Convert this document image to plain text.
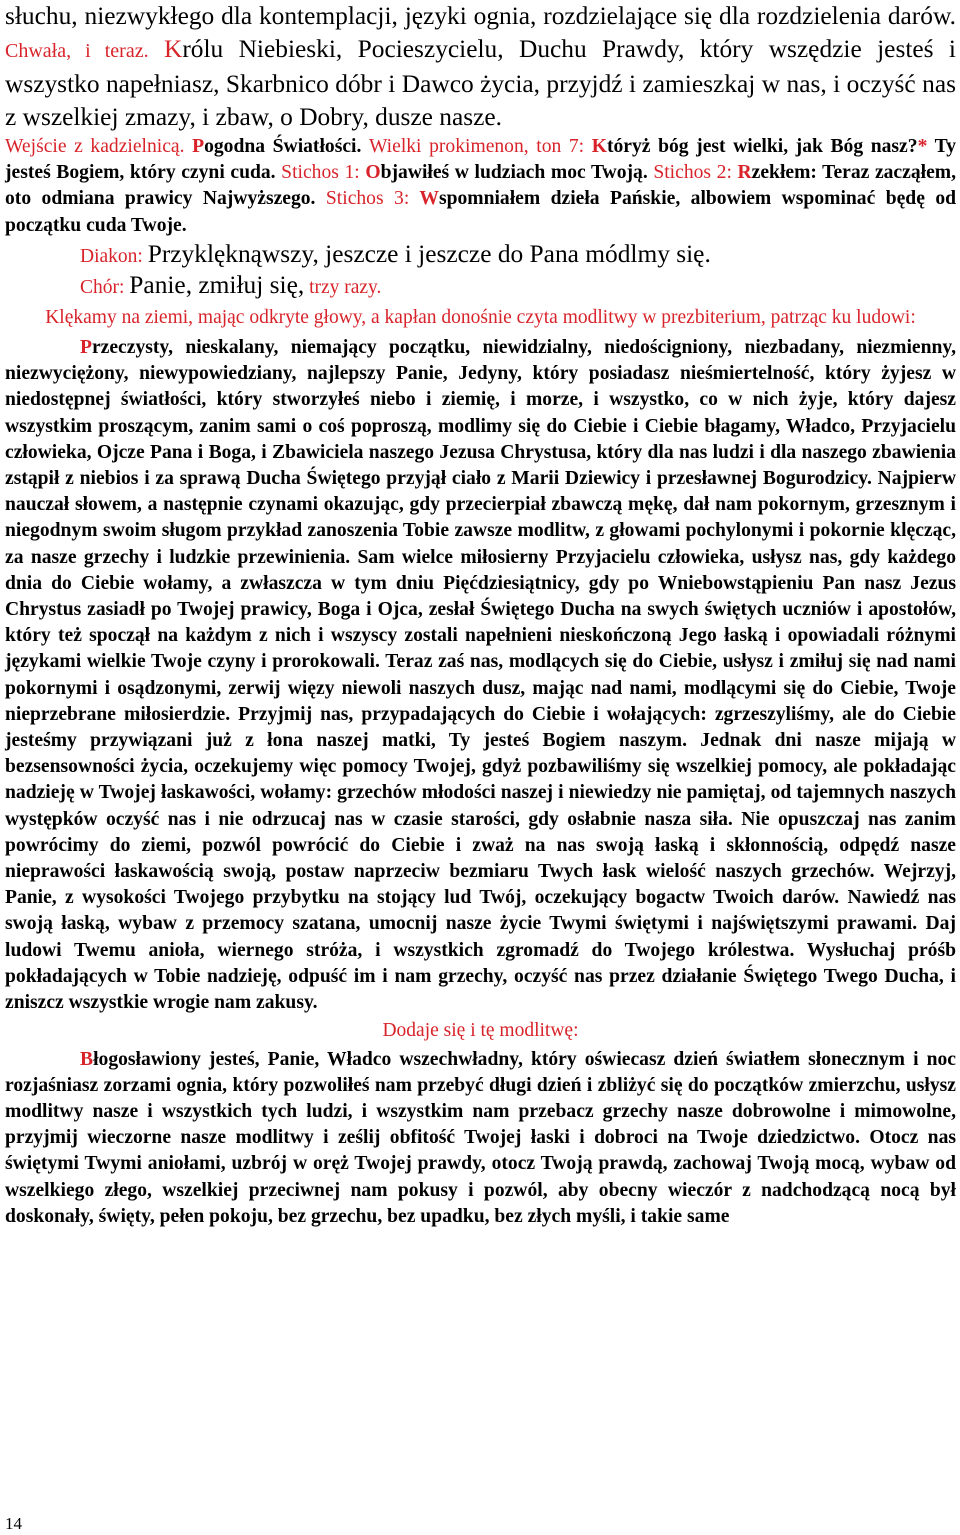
słuchu, niezwykłego dla kontemplacji, języki ognia, rozdzielające się dla rozdzielenia darów. Chwała, i teraz. Królu Niebieski, Pocieszycielu, Duchu Prawdy, który wszędzie jesteś i wszystko napełniasz, Skarbnico dóbr i Dawco życia, przyjdź i zamieszkaj w nas, i oczyść nas z wszelkiej zmazy, i zbaw, o Dobry, dusze nasze.

Wejście z kadzielnicą. Pogodna Światłości. Wielki prokimenon, ton 7: Któryż bóg jest wielki, jak Bóg nasz?* Ty jesteś Bogiem, który czyni cuda. Stichos 1: Objawiłeś w ludziach moc Twoją. Stichos 2: Rzekłem: Teraz zacząłem, oto odmiana prawicy Najwyższego. Stichos 3: Wspomniałem dzieła Pańskie, albowiem wspominać będę od początku cuda Twoje.

Diakon: Przyklęknąwszy, jeszcze i jeszcze do Pana módlmy się.

Chór: Panie, zmiłuj się, trzy razy.

Klękamy na ziemi, mając odkryte głowy, a kapłan donośnie czyta modlitwy w prezbiterium, patrząc ku ludowi:

Przeczysty, nieskalany, niemający początku, niewidzialny, niedościgniony, niezbadany, niezmienny, niezwyciężony, niewypowiedziany, najlepszy Panie, Jedyny, który posiadasz nieśmiertelność, który żyjesz w niedostępnej światłości, który stworzyłeś niebo i ziemię, i morze, i wszystko, co w nich żyje, który dajesz wszystkim proszącym, zanim sami o coś poproszą, modlimy się do Ciebie i Ciebie błagamy, Władco, Przyjacielu człowieka, Ojcze Pana i Boga, i Zbawiciela naszego Jezusa Chrystusa, który dla nas ludzi i dla naszego zbawienia zstąpił z niebios i za sprawą Ducha Świętego przyjął ciało z Marii Dziewicy i przesławnej Bogurodzicy. Najpierw nauczał słowem, a następnie czynami okazując, gdy przecierpiał zbawczą mękę, dał nam pokornym, grzesznym i niegodnym swoim sługom przykład zanoszenia Tobie zawsze modlitw, z głowami pochylonymi i pokornie klęcząc, za nasze grzechy i ludzkie przewinienia. Sam wielce miłosierny Przyjacielu człowieka, usłysz nas, gdy każdego dnia do Ciebie wołamy, a zwłaszcza w tym dniu Pięćdziesiątnicy, gdy po Wniebowstąpieniu Pan nasz Jezus Chrystus zasiadł po Twojej prawicy, Boga i Ojca, zesłał Świętego Ducha na swych świętych uczniów i apostołów, który też spoczął na każdym z nich i wszyscy zostali napełnieni nieskończoną Jego łaską i opowiadali różnymi językami wielkie Twoje czyny i prorokowali. Teraz zaś nas, modlących się do Ciebie, usłysz i zmiłuj się nad nami pokornymi i osądzonymi, zerwij więzy niewoli naszych dusz, mając nad nami, modlącymi się do Ciebie, Twoje nieprzebrane miłosierdzie. Przyjmij nas, przypadających do Ciebie i wołających: zgrzeszyliśmy, ale do Ciebie jesteśmy przywiązani już z łona naszej matki, Ty jesteś Bogiem naszym. Jednak dni nasze mijają w bezsensowności życia, oczekujemy więc pomocy Twojej, gdyż pozbawiliśmy się wszelkiej pomocy, ale pokładając nadzieję w Twojej łaskawości, wołamy: grzechów młodości naszej i niewiedzy nie pamiętaj, od tajemnych naszych występków oczyść nas i nie odrzucaj nas w czasie starości, gdy osłabnie nasza siła. Nie opuszczaj nas zanim powrócimy do ziemi, pozwól powrócić do Ciebie i zważ na nas swoją łaską i skłonnością, odpędź nasze nieprawości łaskawością swoją, postaw naprzeciw bezmiaru Twych łask wielość naszych grzechów. Wejrzyj, Panie, z wysokości Twojego przybytku na stojący lud Twój, oczekujący bogactw Twoich darów. Nawiedź nas swoją łaską, wybaw z przemocy szatana, umocnij nasze życie Twymi świętymi i najświętszymi prawami. Daj ludowi Twemu anioła, wiernego stróża, i wszystkich zgromadź do Twojego królestwa. Wysłuchaj próśb pokładających w Tobie nadzieję, odpuść im i nam grzechy, oczyść nas przez działanie Świętego Twego Ducha, i zniszcz wszystkie wrogie nam zakusy.

Dodaje się i tę modlitwę:

Błogosławiony jesteś, Panie, Władco wszechwładny, który oświecasz dzień światłem słonecznym i noc rozjaśniasz zorzami ognia, który pozwoliłeś nam przebyć długi dzień i zbliżyć się do początków zmierzchu, usłysz modlitwy nasze i wszystkich tych ludzi, i wszystkim nam przebacz grzechy nasze dobrowolne i mimowolne, przyjmij wieczorne nasze modlitwy i ześlij obfitość Twojej łaski i dobroci na Twoje dziedzictwo. Otocz nas świętymi Twymi aniołami, uzbrój w oręż Twojej prawdy, otocz Twoją prawdą, zachowaj Twoją mocą, wybaw od wszelkiego złego, wszelkiej przeciwnej nam pokusy i pozwól, aby obecny wieczór z nadchodzącą nocą był doskonały, święty, pełen pokoju, bez grzechu, bez upadku, bez złych myśli, i takie same

14
